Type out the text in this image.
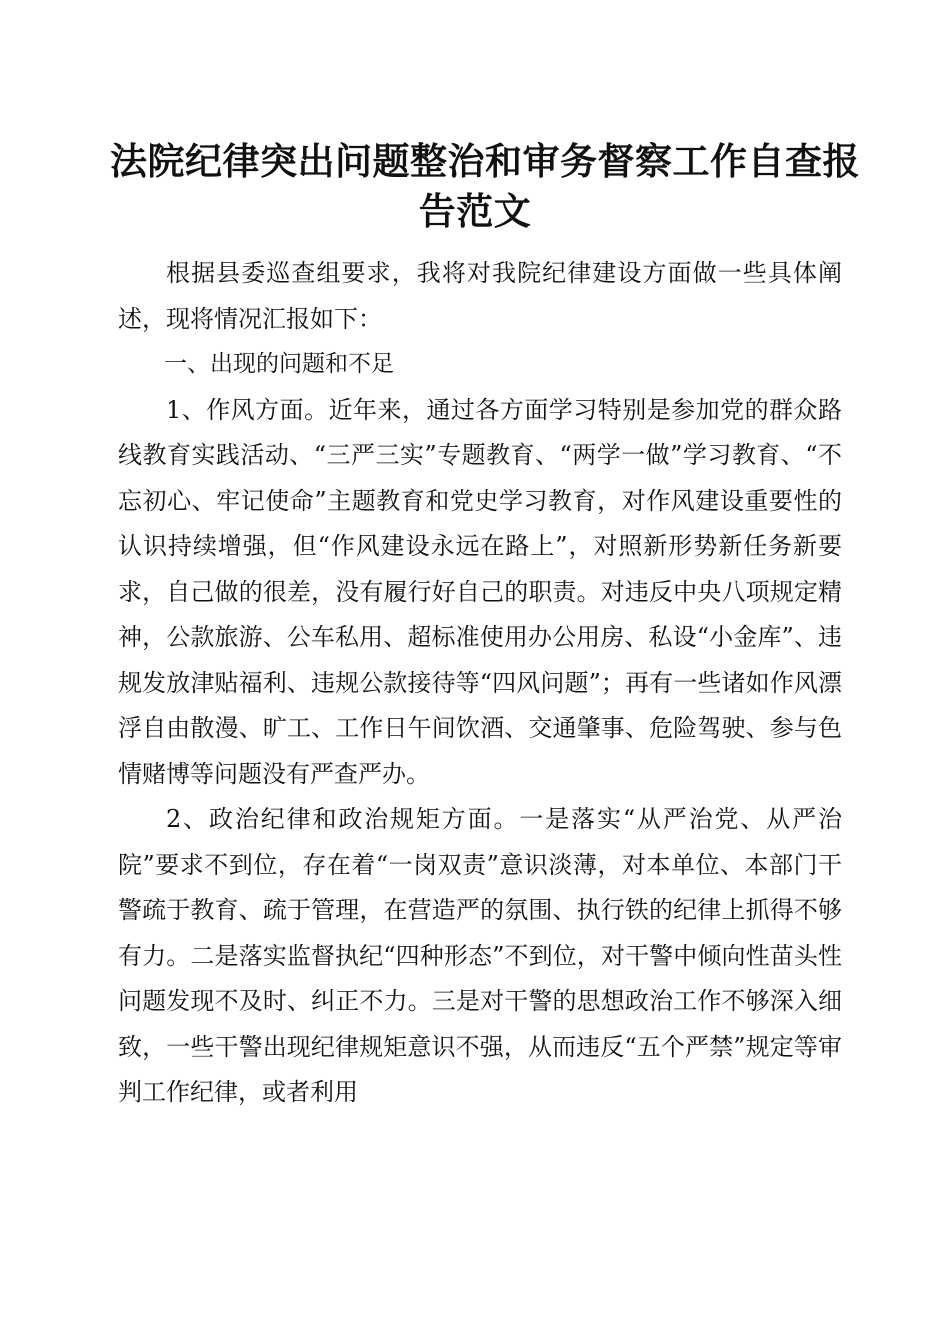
法院纪律突出问题整治和审务督察工作自查报
告范文

根据县委巡查组要求，我将对我院纪律建设方面做一些具体阐述，现将情况汇报如下：

一、出现的问题和不足

1、作风方面。近年来，通过各方面学习特别是参加党的群众路线教育实践活动、“三严三实”专题教育、“两学一做”学习教育、“不忘初心、牢记使命”主题教育和党史学习教育，对作风建设重要性的认识持续增强，但“作风建设永远在路上”，对照新形势新任务新要求，自己做的很差，没有履行好自己的职责。对违反中央八项规定精神，公款旅游、公车私用、超标准使用办公用房、私设“小金库”、违规发放津贴福利、违规公款接待等“四风问题”；再有一些诸如作风漂浮自由散漫、旷工、工作日午间饮酒、交通肇事、危险驾驶、参与色情赌博等问题没有严查严办。

2、政治纪律和政治规矩方面。一是落实“从严治党、从严治院”要求不到位，存在着“一岗双责”意识淡薄，对本单位、本部门干警疏于教育、疏于管理，在营造严的氛围、执行铁的纪律上抓得不够有力。二是落实监督执纪“四种形态”不到位，对干警中倾向性苗头性问题发现不及时、纠正不力。三是对干警的思想政治工作不够深入细致，一些干警出现纪律规矩意识不强，从而违反“五个严禁”规定等审判工作纪律，或者利用
